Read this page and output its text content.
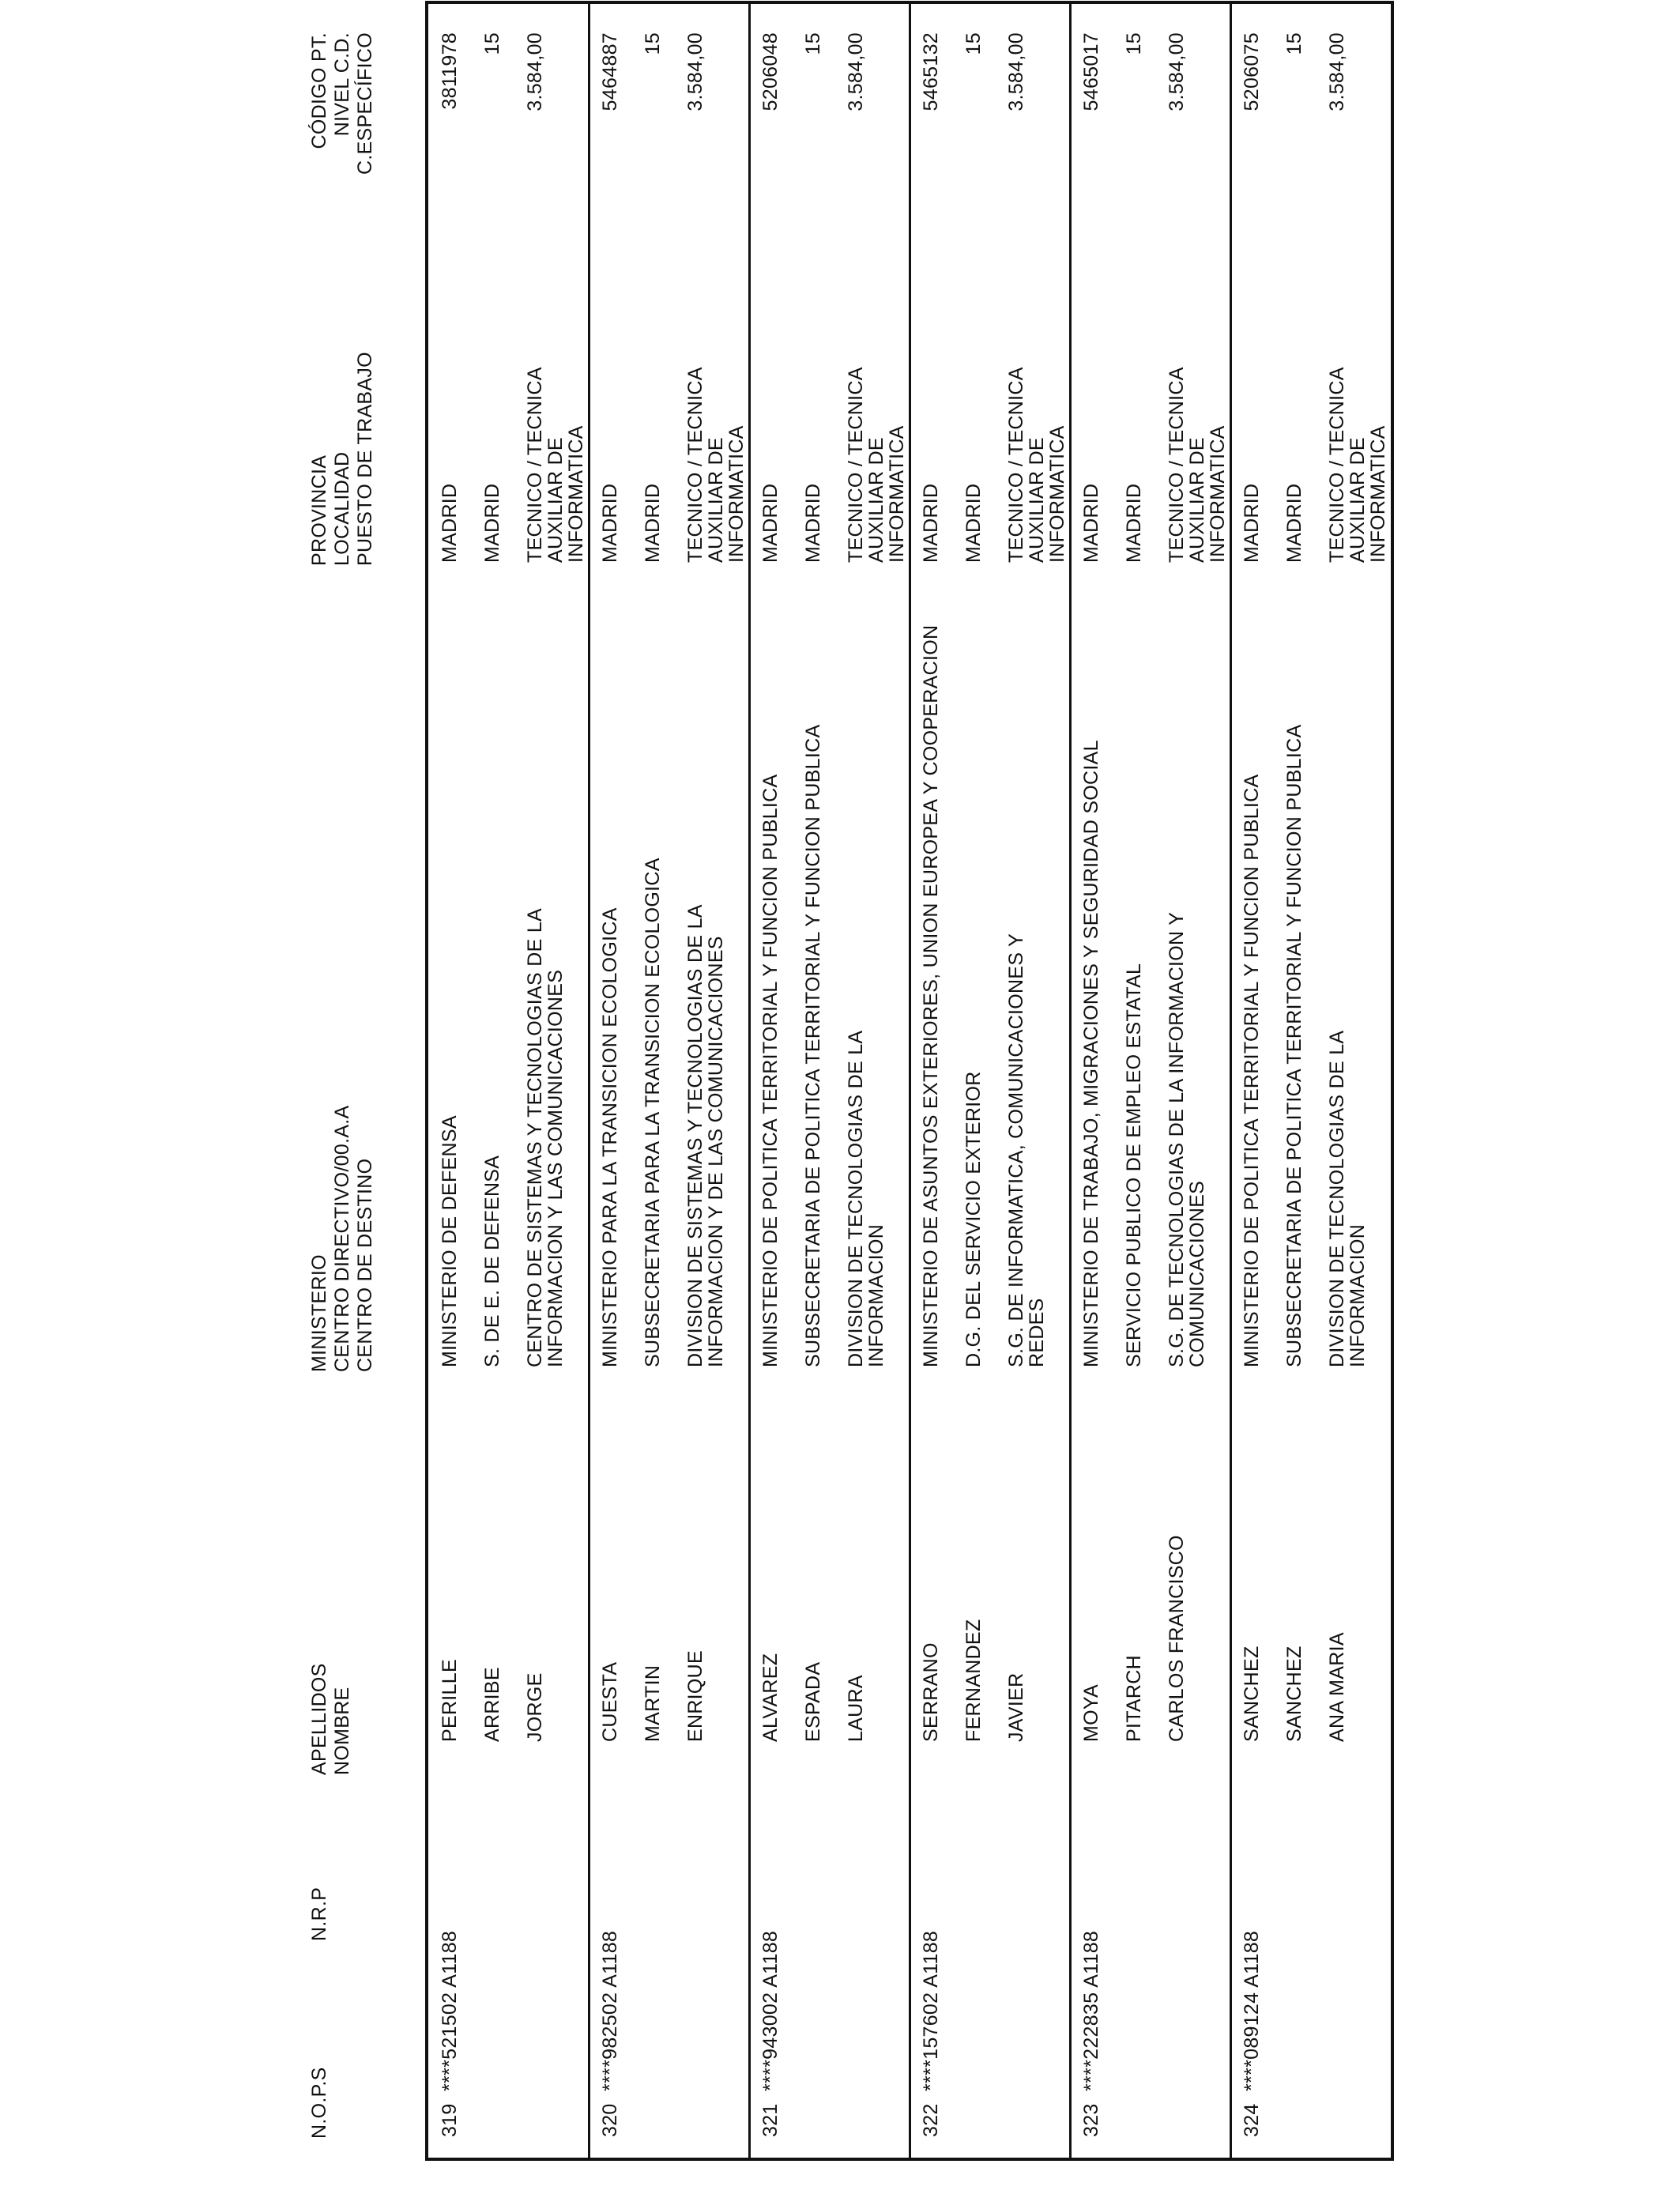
N.O.P.S
N.R.P
APELLIDOS NOMBRE
MINISTERIO CENTRO DIRECTIVO/00.A.A CENTRO DE DESTINO
PROVINCIA LOCALIDAD PUESTO DE TRABAJO
CÓDIGO PT. NIVEL C.D. C.ESPECÍFICO
319
****521502 A1188
PERILLE ARRIBE JORGE
MINISTERIO DE DEFENSA S. DE E. DE DEFENSA CENTRO DE SISTEMAS Y TECNOLOGIAS DE LA INFORMACION Y LAS COMUNICACIONES
MADRID MADRID TECNICO / TECNICA AUXILIAR DE INFORMATICA
3811978 15 3.584,00
320
****982502 A1188
CUESTA MARTIN ENRIQUE
MINISTERIO PARA LA TRANSICION ECOLOGICA SUBSECRETARIA PARA LA TRANSICION ECOLOGICA DIVISION DE SISTEMAS Y TECNOLOGIAS DE LA INFORMACION Y DE LAS COMUNICACIONES
MADRID MADRID TECNICO / TECNICA AUXILIAR DE INFORMATICA
5464887 15 3.584,00
321
****943002 A1188
ALVAREZ ESPADA LAURA
MINISTERIO DE POLITICA TERRITORIAL Y FUNCION PUBLICA SUBSECRETARIA DE POLITICA TERRITORIAL Y FUNCION PUBLICA DIVISION DE TECNOLOGIAS DE LA INFORMACION
MADRID MADRID TECNICO / TECNICA AUXILIAR DE INFORMATICA
5206048 15 3.584,00
322
****157602 A1188
SERRANO FERNANDEZ JAVIER
MINISTERIO DE ASUNTOS EXTERIORES, UNION EUROPEA Y COOPERACION D.G. DEL SERVICIO EXTERIOR S.G. DE INFORMATICA, COMUNICACIONES Y REDES
MADRID MADRID TECNICO / TECNICA AUXILIAR DE INFORMATICA
5465132 15 3.584,00
323
****222835 A1188
MOYA PITARCH CARLOS FRANCISCO
MINISTERIO DE TRABAJO, MIGRACIONES Y SEGURIDAD SOCIAL SERVICIO PUBLICO DE EMPLEO ESTATAL S.G. DE TECNOLOGIAS DE LA INFORMACION Y COMUNICACIONES
MADRID MADRID TECNICO / TECNICA AUXILIAR DE INFORMATICA
5465017 15 3.584,00
324
****089124 A1188
SANCHEZ SANCHEZ ANA MARIA
MINISTERIO DE POLITICA TERRITORIAL Y FUNCION PUBLICA SUBSECRETARIA DE POLITICA TERRITORIAL Y FUNCION PUBLICA DIVISION DE TECNOLOGIAS DE LA INFORMACION
MADRID MADRID TECNICO / TECNICA AUXILIAR DE INFORMATICA
5206075 15 3.584,00
